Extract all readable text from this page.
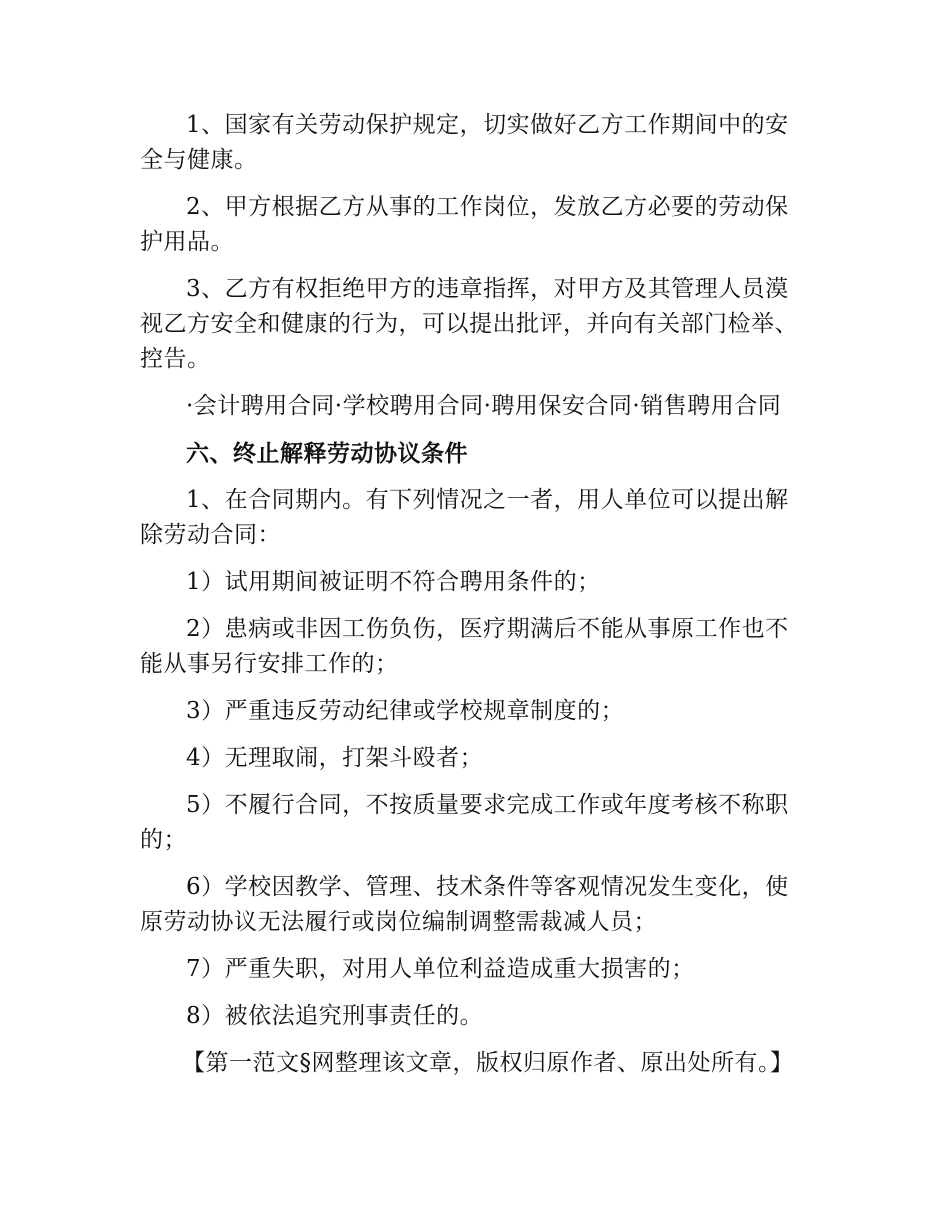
1、国家有关劳动保护规定，切实做好乙方工作期间中的安全与健康。

2、甲方根据乙方从事的工作岗位，发放乙方必要的劳动保护用品。

3、乙方有权拒绝甲方的违章指挥，对甲方及其管理人员漠视乙方安全和健康的行为，可以提出批评，并向有关部门检举、控告。

·会计聘用合同·学校聘用合同·聘用保安合同·销售聘用合同

六、终止解释劳动协议条件

1、在合同期内。有下列情况之一者，用人单位可以提出解除劳动合同：

1）试用期间被证明不符合聘用条件的；

2）患病或非因工伤负伤，医疗期满后不能从事原工作也不能从事另行安排工作的；

3）严重违反劳动纪律或学校规章制度的；

4）无理取闹，打架斗殴者；

5）不履行合同，不按质量要求完成工作或年度考核不称职的；

6）学校因教学、管理、技术条件等客观情况发生变化，使原劳动协议无法履行或岗位编制调整需裁减人员；

7）严重失职，对用人单位利益造成重大损害的；

8）被依法追究刑事责任的。

【第一范文§网整理该文章，版权归原作者、原出处所有。】
